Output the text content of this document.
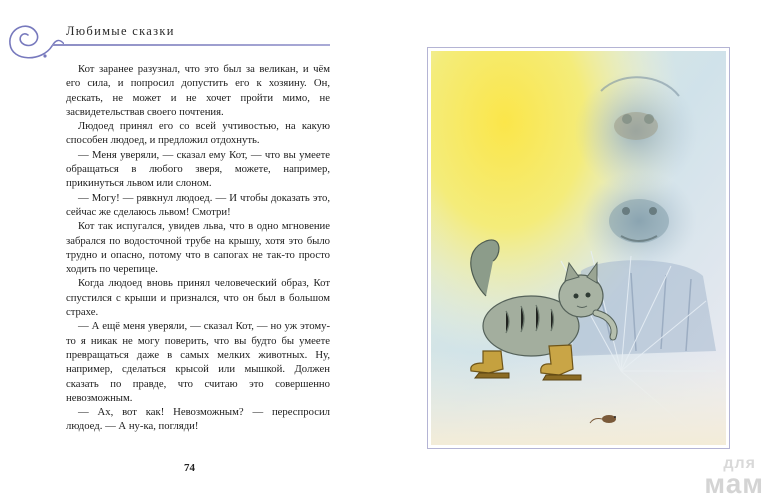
Любимые сказки

Кот заранее разузнал, что это был за великан, и чём его сила, и попросил допустить его к хозяину. Он, дескать, не может и не хочет пройти мимо, не засвидетельствав своего почтения.

Людоед принял его со всей учтивостью, на какую способен людоед, и предложил отдохнуть.

— Меня уверяли, — сказал ему Кот, — что вы умеете обращаться в любого зверя, можете, например, прикинуться львом или слоном.

— Могу! — рявкнул людоед. — И чтобы доказать это, сейчас же сделаюсь львом! Смотри!

Кот так испугался, увидев льва, что в одно мгновение забрался по водосточной трубе на крышу, хотя это было трудно и опасно, потому что в сапогах не так-то просто ходить по черепице.

Когда людоед вновь принял человеческий образ, Кот спустился с крыши и признался, что он был в большом страхе.

— А ещё меня уверяли, — сказал Кот, — но уж этому-то я никак не могу поверить, что вы будто бы умеете превращаться даже в самых мелких животных. Ну, например, сделаться крысой или мышкой. Должен сказать по правде, что считаю это совершенно невозможным.

— Ах, вот как! Невозможным? — переспросил людоед. — А ну-ка, погляди!

74	для
мам
